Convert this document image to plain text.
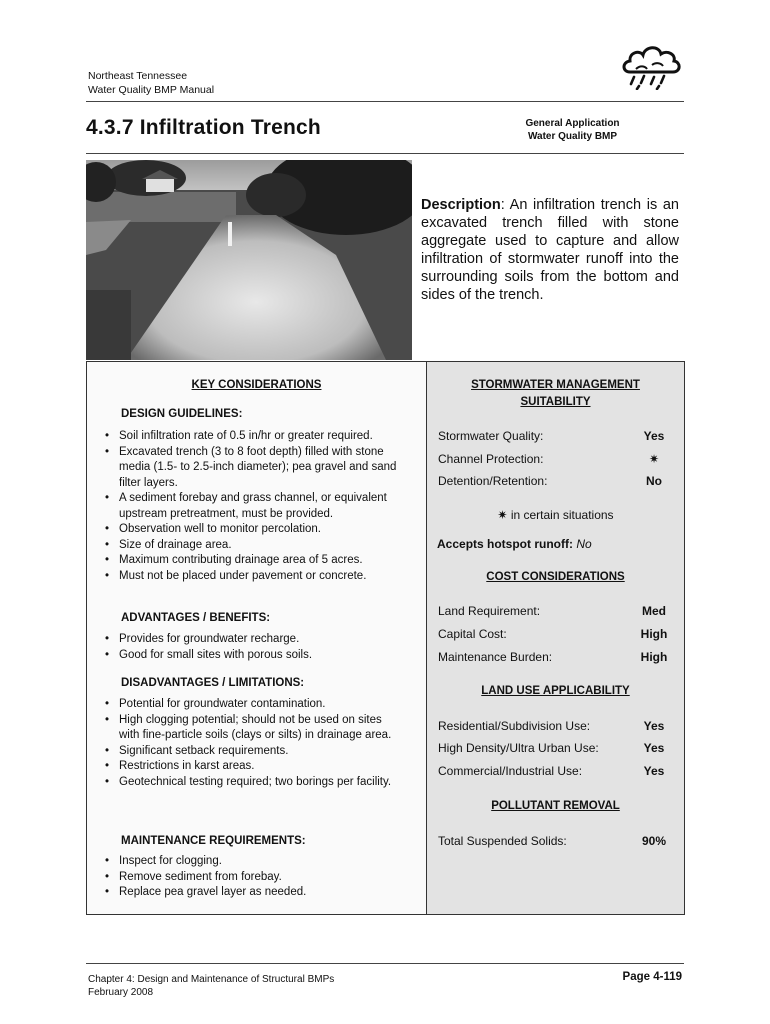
Northeast Tennessee
Water Quality BMP Manual
4.3.7 Infiltration Trench	General Application
Water Quality BMP
Description: An infiltration trench is an excavated trench filled with stone aggregate used to capture and allow infiltration of stormwater runoff into the surrounding soils from the bottom and sides of the trench.
KEY CONSIDERATIONS
DESIGN GUIDELINES:
• Soil infiltration rate of 0.5 in/hr or greater required.
• Excavated trench (3 to 8 foot depth) filled with stone media (1.5- to 2.5-inch diameter); pea gravel and sand filter layers.
• A sediment forebay and grass channel, or equivalent upstream pretreatment, must be provided.
• Observation well to monitor percolation.
• Size of drainage area.
• Maximum contributing drainage area of 5 acres.
• Must not be placed under pavement or concrete.
ADVANTAGES / BENEFITS:
• Provides for groundwater recharge.
• Good for small sites with porous soils.
DISADVANTAGES / LIMITATIONS:
• Potential for groundwater contamination.
• High clogging potential; should not be used on sites with fine-particle soils (clays or silts) in drainage area.
• Significant setback requirements.
• Restrictions in karst areas.
• Geotechnical testing required; two borings per facility.
MAINTENANCE REQUIREMENTS:
• Inspect for clogging.
• Remove sediment from forebay.
• Replace pea gravel layer as needed.
STORMWATER MANAGEMENT
SUITABILITY
Stormwater Quality:	Yes
Channel Protection:	✷
Detention/Retention:	No
✷ in certain situations
Accepts hotspot runoff: No
COST CONSIDERATIONS
Land Requirement:	Med
Capital Cost:	High
Maintenance Burden:	High
LAND USE APPLICABILITY
Residential/Subdivision Use:	Yes
High Density/Ultra Urban Use:	Yes
Commercial/Industrial Use:	Yes
POLLUTANT REMOVAL
Total Suspended Solids:	90%
Chapter 4: Design and Maintenance of Structural BMPs
February 2008
Page 4-119
